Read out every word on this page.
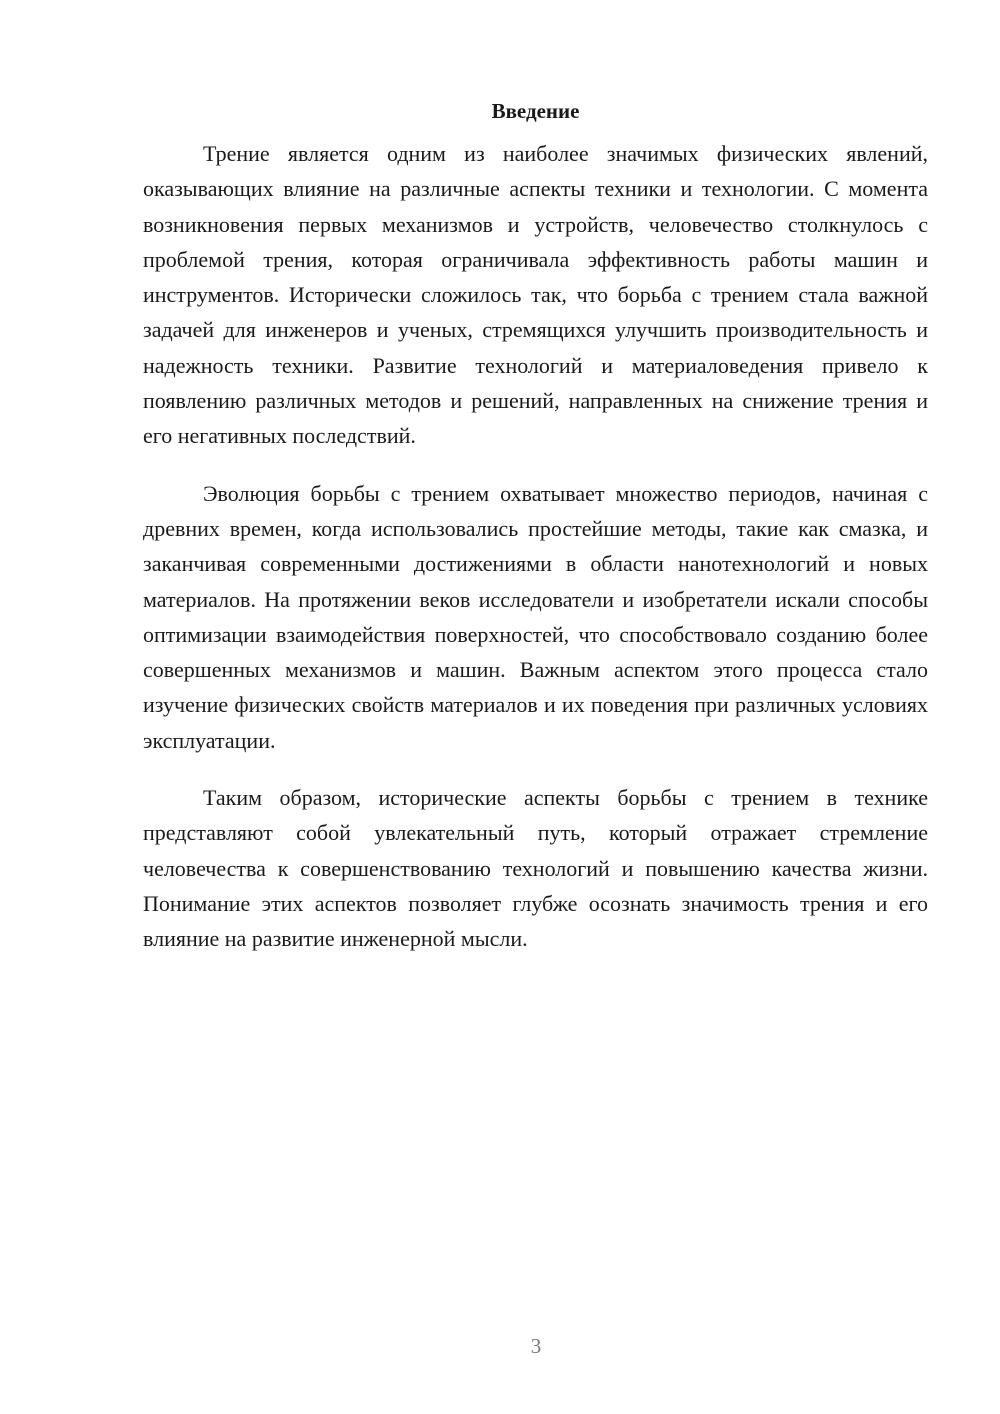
Введение

Трение является одним из наиболее значимых физических явлений, оказывающих влияние на различные аспекты техники и технологии. С момента возникновения первых механизмов и устройств, человечество столкнулось с проблемой трения, которая ограничивала эффективность работы машин и инструментов. Исторически сложилось так, что борьба с трением стала важной задачей для инженеров и ученых, стремящихся улучшить производительность и надежность техники. Развитие технологий и материаловедения привело к появлению различных методов и решений, направленных на снижение трения и его негативных последствий.

Эволюция борьбы с трением охватывает множество периодов, начиная с древних времен, когда использовались простейшие методы, такие как смазка, и заканчивая современными достижениями в области нанотехнологий и новых материалов. На протяжении веков исследователи и изобретатели искали способы оптимизации взаимодействия поверхностей, что способствовало созданию более совершенных механизмов и машин. Важным аспектом этого процесса стало изучение физических свойств материалов и их поведения при различных условиях эксплуатации.

Таким образом, исторические аспекты борьбы с трением в технике представляют собой увлекательный путь, который отражает стремление человечества к совершенствованию технологий и повышению качества жизни. Понимание этих аспектов позволяет глубже осознать значимость трения и его влияние на развитие инженерной мысли.

3
